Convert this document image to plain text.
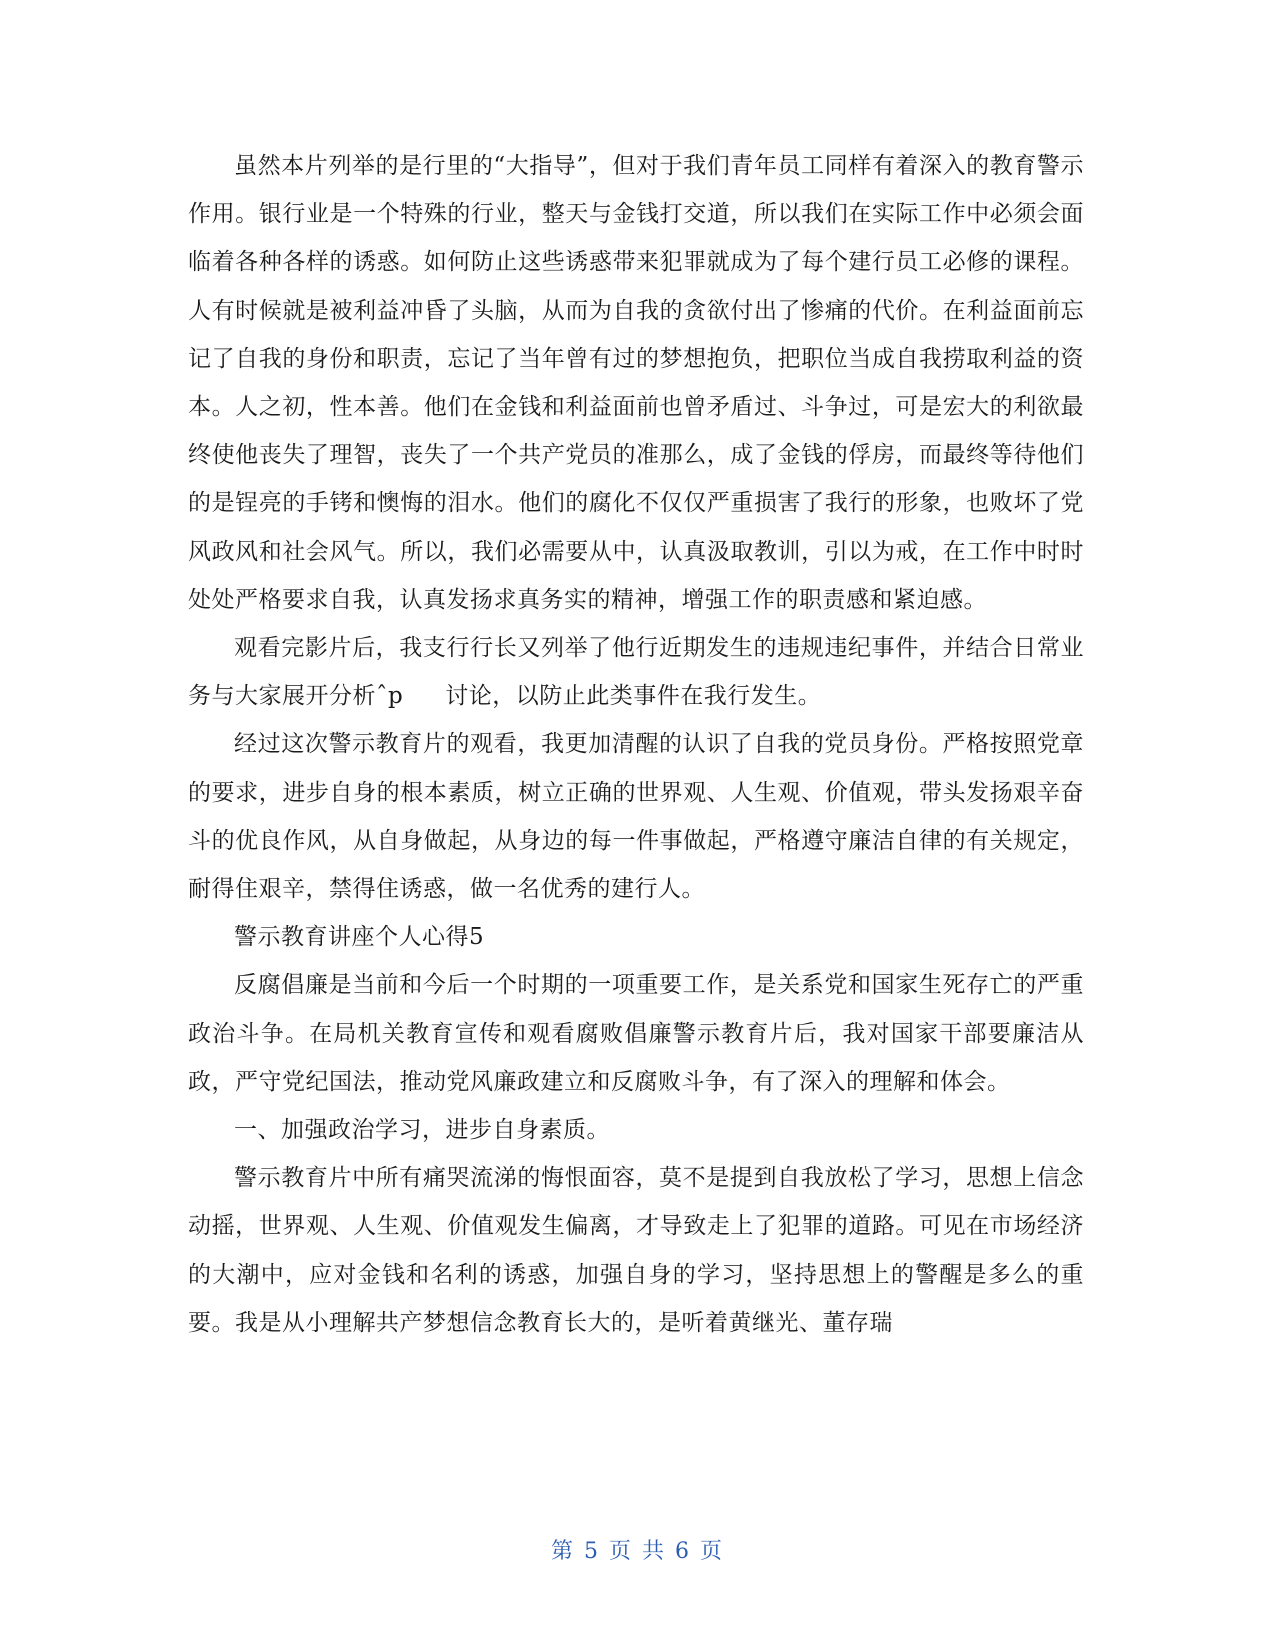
虽然本片列举的是行里的“大指导”，但对于我们青年员工同样有着深入的教育警示作用。银行业是一个特殊的行业，整天与金钱打交道，所以我们在实际工作中必须会面临着各种各样的诱惑。如何防止这些诱惑带来犯罪就成为了每个建行员工必修的课程。人有时候就是被利益冲昏了头脑，从而为自我的贪欲付出了惨痛的代价。在利益面前忘记了自我的身份和职责，忘记了当年曾有过的梦想抱负，把职位当成自我捞取利益的资本。人之初，性本善。他们在金钱和利益面前也曾矛盾过、斗争过，可是宏大的利欲最终使他丧失了理智，丧失了一个共产党员的准那么，成了金钱的俘房，而最终等待他们的是锃亮的手铐和懊悔的泪水。他们的腐化不仅仅严重损害了我行的形象，也败坏了党风政风和社会风气。所以，我们必需要从中，认真汲取教训，引以为戒，在工作中时时处处严格要求自我，认真发扬求真务实的精神，增强工作的职责感和紧迫感。

观看完影片后，我支行行长又列举了他行近期发生的违规违纪事件，并结合日常业务与大家展开分析ˆp 讨论，以防止此类事件在我行发生。

经过这次警示教育片的观看，我更加清醒的认识了自我的党员身份。严格按照党章的要求，进步自身的根本素质，树立正确的世界观、人生观、价值观，带头发扬艰辛奋斗的优良作风，从自身做起，从身边的每一件事做起，严格遵守廉洁自律的有关规定，耐得住艰辛，禁得住诱惑，做一名优秀的建行人。

警示教育讲座个人心得5

反腐倡廉是当前和今后一个时期的一项重要工作，是关系党和国家生死存亡的严重政治斗争。在局机关教育宣传和观看腐败倡廉警示教育片后，我对国家干部要廉洁从政，严守党纪国法，推动党风廉政建立和反腐败斗争，有了深入的理解和体会。

一、加强政治学习，进步自身素质。

警示教育片中所有痛哭流涕的悔恨面容，莫不是提到自我放松了学习，思想上信念动摇，世界观、人生观、价值观发生偏离，才导致走上了犯罪的道路。可见在市场经济的大潮中，应对金钱和名利的诱惑，加强自身的学习，坚持思想上的警醒是多么的重要。我是从小理解共产梦想信念教育长大的，是听着黄继光、董存瑞

第 5 页 共 6 页
